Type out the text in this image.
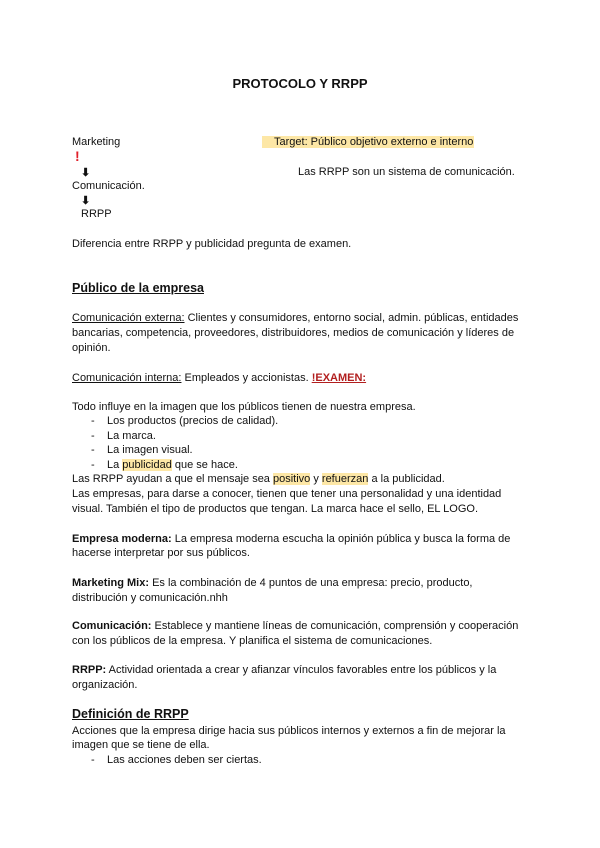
PROTOCOLO Y RRPP
Marketing
!
⬇
Comunicación.
⬇
RRPP
Target: Público objetivo externo e interno
Las RRPP son un sistema de comunicación.
Diferencia entre RRPP y publicidad pregunta de examen.
Público de la empresa
Comunicación externa: Clientes y consumidores, entorno social, admin. públicas, entidades
bancarias, competencia, proveedores, distribuidores, medios de comunicación y líderes de
opinión.
Comunicación interna: Empleados y accionistas. !EXAMEN:
Todo influye en la imagen que los públicos tienen de nuestra empresa.
- Los productos (precios de calidad).
- La marca.
- La imagen visual.
- La publicidad que se hace.
Las RRPP ayudan a que el mensaje sea positivo y refuerzan a la publicidad.
Las empresas, para darse a conocer, tienen que tener una personalidad y una identidad
visual. También el tipo de productos que tengan. La marca hace el sello, EL LOGO.
Empresa moderna: La empresa moderna escucha la opinión pública y busca la forma de
hacerse interpretar por sus públicos.
Marketing Mix: Es la combinación de 4 puntos de una empresa: precio, producto,
distribución y comunicación.nhh
Comunicación: Establece y mantiene líneas de comunicación, comprensión y cooperación
con los públicos de la empresa. Y planifica el sistema de comunicaciones.
RRPP: Actividad orientada a crear y afianzar vínculos favorables entre los públicos y la
organización.
Definición de RRPP
Acciones que la empresa dirige hacia sus públicos internos y externos a fin de mejorar la
imagen que se tiene de ella.
- Las acciones deben ser ciertas.
